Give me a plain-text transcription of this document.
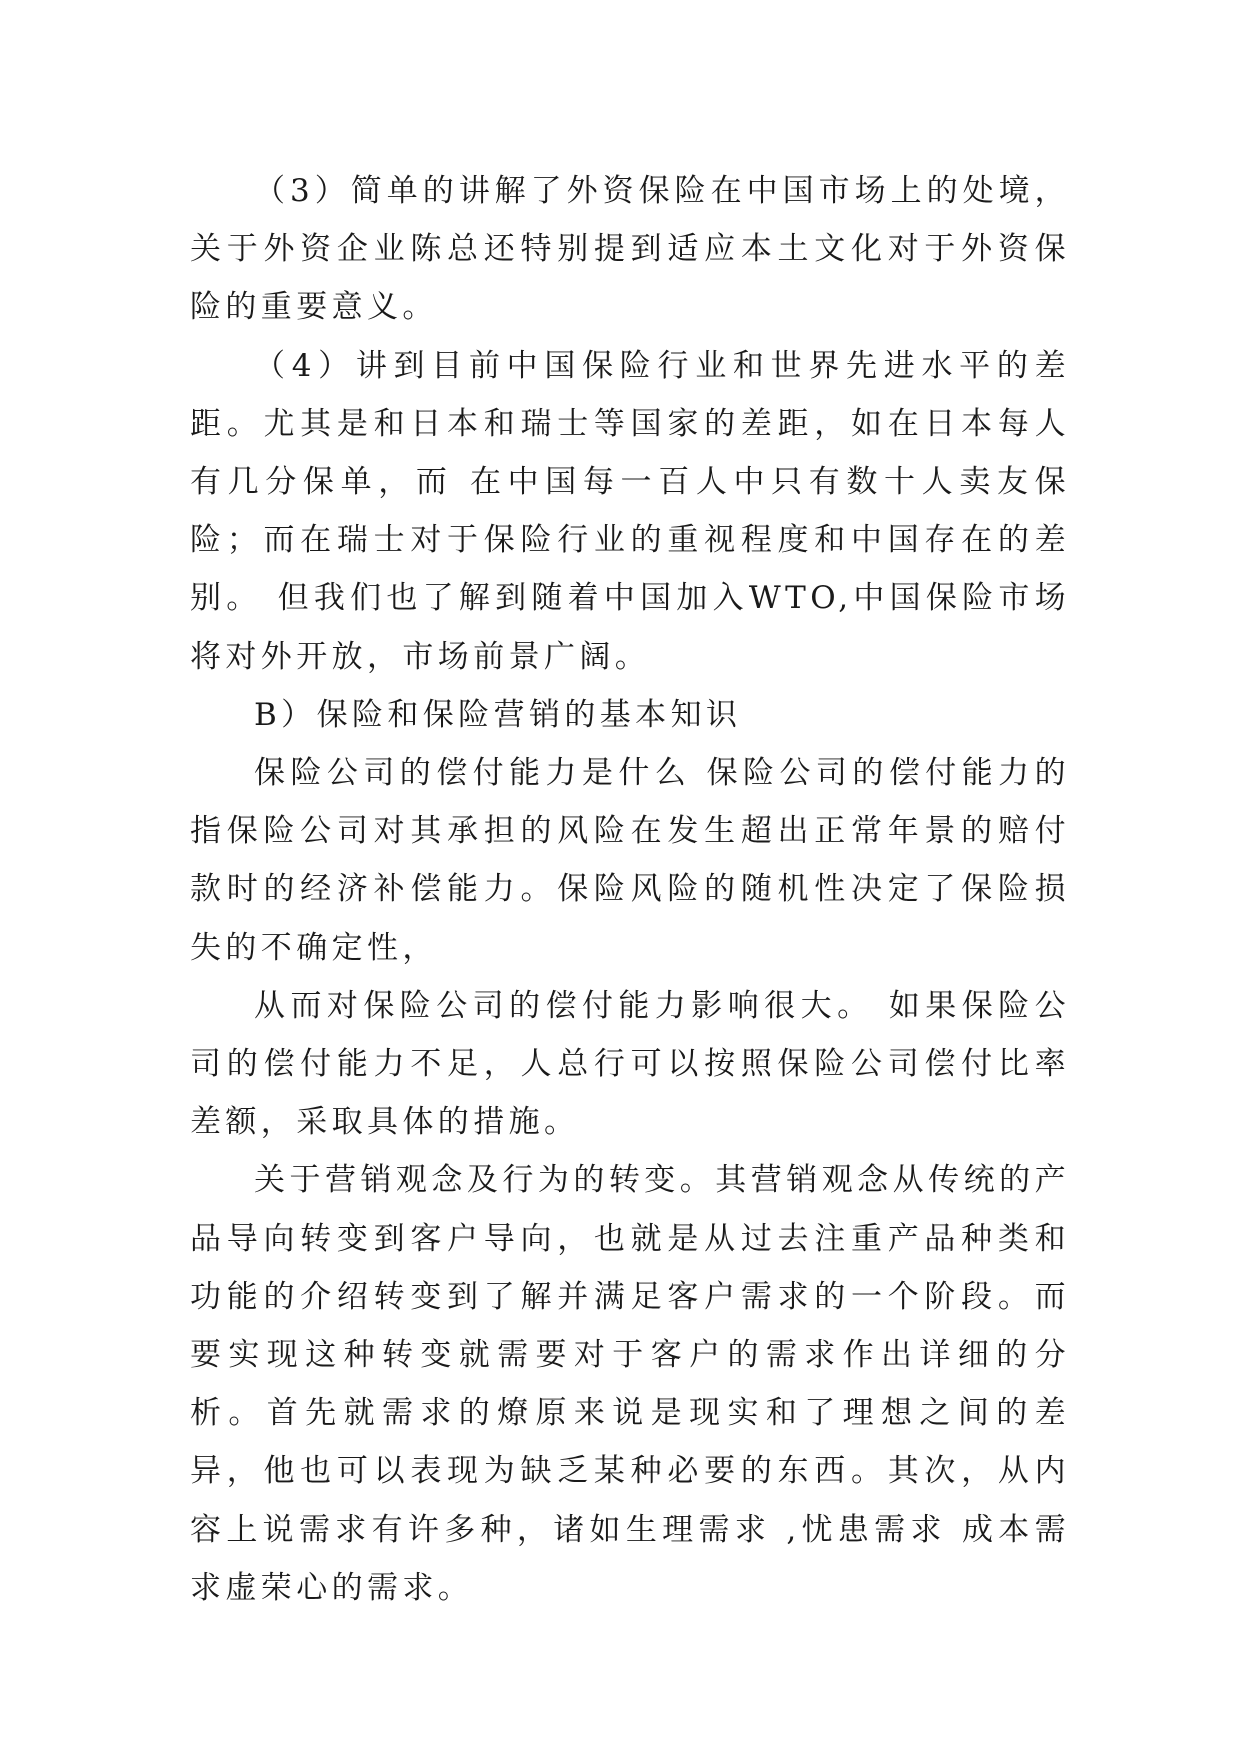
（3）简单的讲解了外资保险在中国市场上的处境，关于外资企业陈总还特别提到适应本土文化对于外资保险的重要意义。

（4）讲到目前中国保险行业和世界先进水平的差距。尤其是和日本和瑞士等国家的差距，如在日本每人有几分保单，而 在中国每一百人中只有数十人卖友保险；而在瑞士对于保险行业的重视程度和中国存在的差别。 但我们也了解到随着中国加入WTO,中国保险市场将对外开放，市场前景广阔。

B）保险和保险营销的基本知识

保险公司的偿付能力是什么 保险公司的偿付能力的指保险公司对其承担的风险在发生超出正常年景的赔付款时的经济补偿能力。保险风险的随机性决定了保险损失的不确定性，

从而对保险公司的偿付能力影响很大。 如果保险公司的偿付能力不足，人总行可以按照保险公司偿付比率差额，采取具体的措施。

关于营销观念及行为的转变。其营销观念从传统的产品导向转变到客户导向，也就是从过去注重产品种类和功能的介绍转变到了解并满足客户需求的一个阶段。而要实现这种转变就需要对于客户的需求作出详细的分析。首先就需求的燎原来说是现实和了理想之间的差异，他也可以表现为缺乏某种必要的东西。其次，从内容上说需求有许多种，诸如生理需求 ,忧患需求 成本需求虚荣心的需求。
